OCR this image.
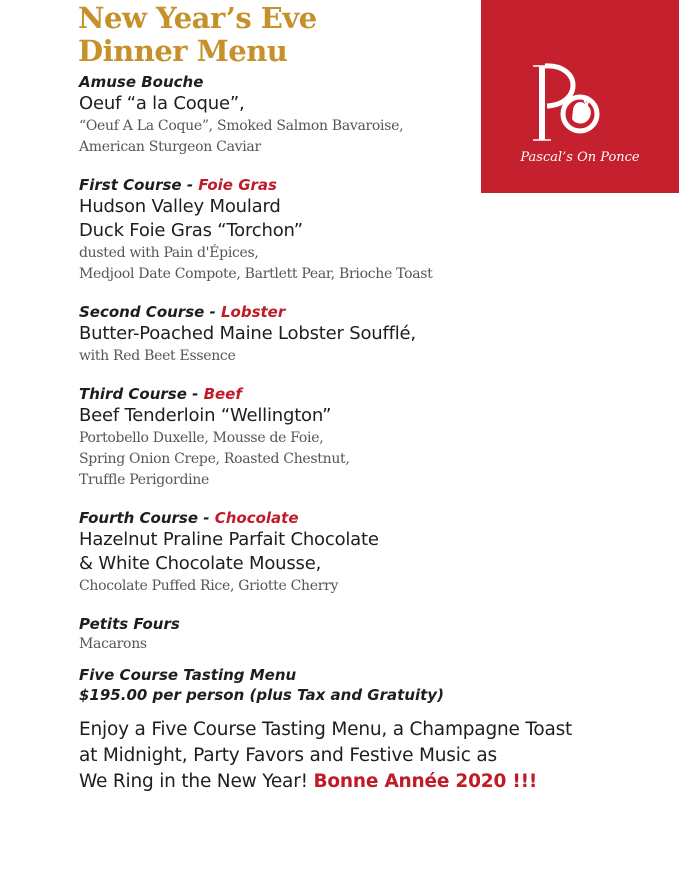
New Year’s Eve
Dinner Menu
Pascal’s On Ponce
Amuse Bouche
Oeuf “a la Coque”,
“Oeuf A La Coque”, Smoked Salmon Bavaroise,
American Sturgeon Caviar
First Course - Foie Gras
Hudson Valley Moulard
Duck Foie Gras “Torchon”
dusted with Pain d'Épices,
Medjool Date Compote, Bartlett Pear, Brioche Toast
Second Course - Lobster
Butter-Poached Maine Lobster Soufflé,
with Red Beet Essence
Third Course - Beef
Beef Tenderloin “Wellington”
Portobello Duxelle, Mousse de Foie,
Spring Onion Crepe, Roasted Chestnut,
Truffle Perigordine
Fourth Course - Chocolate
Hazelnut Praline Parfait Chocolate
& White Chocolate Mousse,
Chocolate Puffed Rice, Griotte Cherry
Petits Fours
Macarons
Five Course Tasting Menu
$195.00 per person (plus Tax and Gratuity)
Enjoy a Five Course Tasting Menu, a Champagne Toast
at Midnight, Party Favors and Festive Music as
We Ring in the New Year! Bonne Année 2020 !!!
